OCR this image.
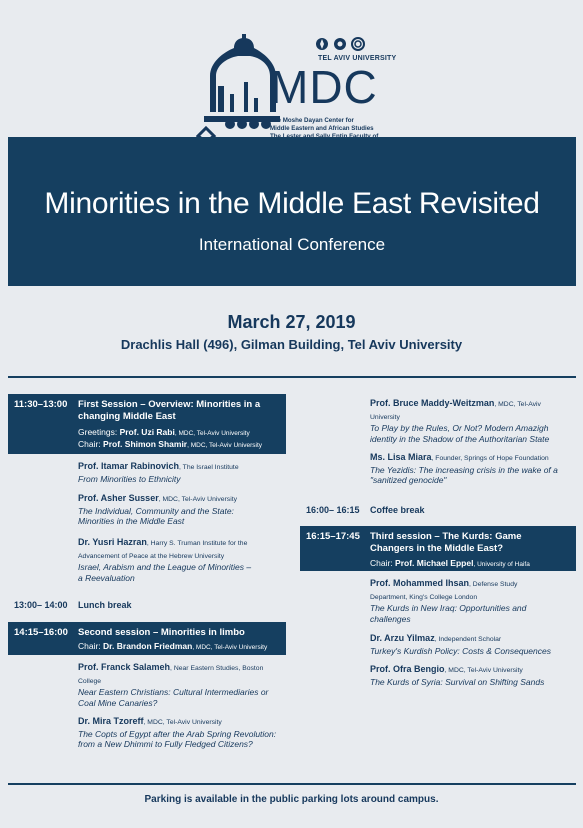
TEL AVIV UNIVERSITY
MDC
The Moshe Dayan Center for
Middle Eastern and African Studies
Minorities in the Middle East Revisited
International Conference
March 27, 2019
Drachlis Hall (496), Gilman Building, Tel Aviv University
11:30–13:00 First Session – Overview: Minorities in a
changing Middle East
Greetings: Prof. Uzi Rabi, MDC, Tel-Aviv University
Chair: Prof. Shimon Shamir, MDC, Tel-Aviv University
Prof. Itamar Rabinovich, The Israel Institute
From Minorities to Ethnicity
Prof. Asher Susser, MDC, Tel-Aviv University
The Individual, Community and the State:
Minorities in the Middle East
Dr. Yusri Hazran, Harry S. Truman Institute for the
Advancement of Peace at the Hebrew University
Israel, Arabism and the League of Minorities –
a Reevaluation
13:00– 14:00 Lunch break
14:15–16:00 Second session – Minorities in limbo
Chair: Dr. Brandon Friedman, MDC, Tel-Aviv University
Prof. Franck Salameh, Near Eastern Studies, Boston
College
Near Eastern Christians: Cultural Intermediaries or
Coal Mine Canaries?
Dr. Mira Tzoreff, MDC, Tel-Aviv University
The Copts of Egypt after the Arab Spring Revolution:
from a New Dhimmi to Fully Fledged Citizens?
Prof. Bruce Maddy-Weitzman, MDC, Tel-Aviv
University
To Play by the Rules, Or Not? Modern Amazigh
identity in the Shadow of the Authoritarian State
Ms. Lisa Miara, Founder, Springs of Hope Foundation
The Yezidis: The increasing crisis in the wake of a
"sanitized genocide"
16:00– 16:15 Coffee break
16:15–17:45 Third session – The Kurds: Game
Changers in the Middle East?
Chair: Prof. Michael Eppel, University of Haifa
Prof. Mohammed Ihsan, Defense Study
Department, King's College London
The Kurds in New Iraq: Opportunities and
challenges
Dr. Arzu Yilmaz, Independent Scholar
Turkey's Kurdish Policy: Costs & Consequences
Prof. Ofra Bengio, MDC, Tel-Aviv University
The Kurds of Syria: Survival on Shifting Sands
Parking is available in the public parking lots around campus.
